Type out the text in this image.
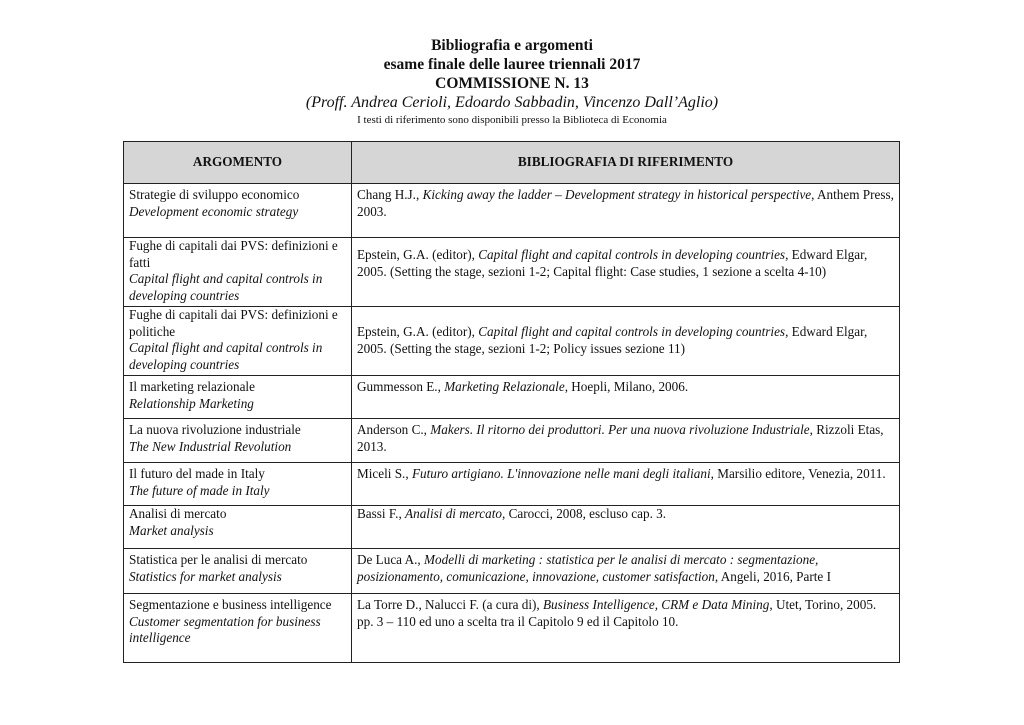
Bibliografia e argomenti
esame finale delle lauree triennali 2017
COMMISSIONE N. 13
(Proff. Andrea Cerioli, Edoardo Sabbadin, Vincenzo Dall’Aglio)
I testi di riferimento sono disponibili presso la Biblioteca di Economia
ARGOMENTO	BIBLIOGRAFIA DI RIFERIMENTO

Strategie di sviluppo economico
Development economic strategy	Chang H.J., Kicking away the ladder – Development strategy in historical perspective, Anthem Press, 2003.

Fughe di capitali dai PVS: definizioni e fatti
Capital flight and capital controls in developing countries	Epstein, G.A. (editor), Capital flight and capital controls in developing countries, Edward Elgar, 2005. (Setting the stage, sezioni 1-2; Capital flight: Case studies, 1 sezione a scelta 4-10)

Fughe di capitali dai PVS: definizioni e politiche
Capital flight and capital controls in developing countries	Epstein, G.A. (editor), Capital flight and capital controls in developing countries, Edward Elgar, 2005. (Setting the stage, sezioni 1-2; Policy issues sezione 11)

Il marketing relazionale
Relationship Marketing	Gummesson E., Marketing Relazionale, Hoepli, Milano, 2006.

La nuova rivoluzione industriale
The New Industrial Revolution	Anderson C., Makers. Il ritorno dei produttori. Per una nuova rivoluzione Industriale, Rizzoli Etas, 2013.

Il futuro del made in Italy
The future of made in Italy	Miceli S., Futuro artigiano. L'innovazione nelle mani degli italiani, Marsilio editore, Venezia, 2011.

Analisi di mercato
Market analysis	Bassi F., Analisi di mercato, Carocci, 2008, escluso cap. 3.

Statistica per le analisi di mercato
Statistics for market analysis	De Luca A., Modelli di marketing : statistica per le analisi di mercato : segmentazione, posizionamento, comunicazione, innovazione, customer satisfaction, Angeli, 2016, Parte I

Segmentazione e business intelligence
Customer segmentation for business intelligence	La Torre D., Nalucci F. (a cura di), Business Intelligence, CRM e Data Mining, Utet, Torino, 2005. pp. 3 – 110 ed uno a scelta tra il Capitolo 9 ed il Capitolo 10.
